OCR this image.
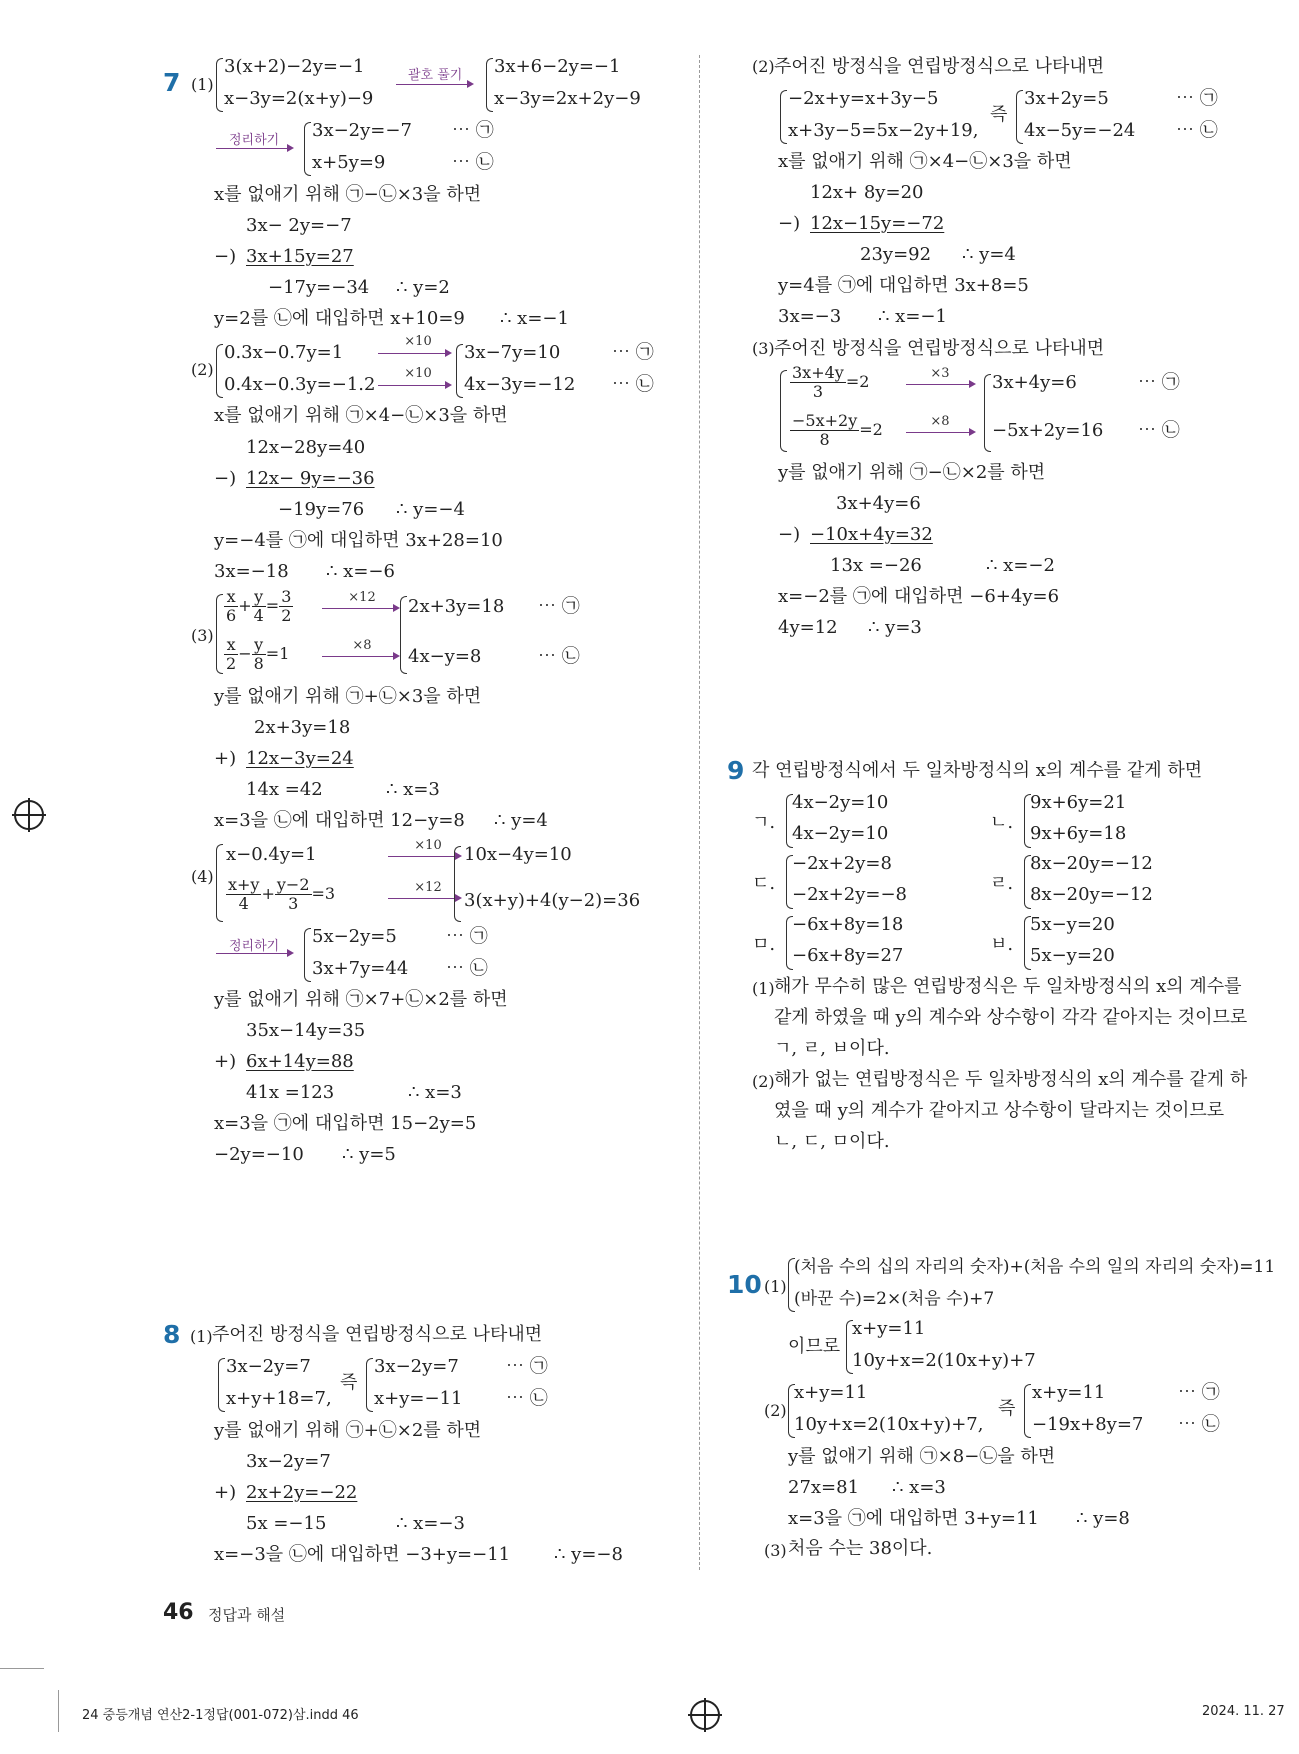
7 (1)
3(x+2)−2y=−1
x−3y=2(x+y)−9
괄호 풀기 3x+6−2y=−1
x−3y=2x+2y−9
정리하기 3x−2y=−7
x+5y=9
⋯ ㉠
⋯ ㉡
x를 없애기 위해 ㉠−㉡×3을 하면
3x− 2y=−7
−) 3x+15y=27
−17y=−34 ∴ y=2
y=2를 ㉡에 대입하면 x+10=9 ∴ x=−1
(2)
0.3x−0.7y=1
0.4x−0.3y=−1.2
×10
×10
3x−7y=10
4x−3y=−12
⋯ ㉠
⋯ ㉡
x를 없애기 위해 ㉠×4−㉡×3을 하면
12x−28y=40
−) 12x− 9y=−36
−19y=76 ∴ y=−4
y=−4를 ㉠에 대입하면 3x+28=10
3x=−18 ∴ x=−6
(3)
$\frac{x}{6} + \frac{y}{4} = \frac{3}{2}$
$\frac{x}{2} - \frac{y}{8} =1$
×12
×8
2x+3y=18
4x−y=8
⋯ ㉠
⋯ ㉡
y를 없애기 위해 ㉠+㉡×3을 하면
2x+3y=18
+) 12x−3y=24
14x =42	∴ x=3
x=3을 ㉡에 대입하면 12−y=8 ∴ y=4
(4)
x−0.4y=1
$\frac{x+y}{4} + \frac{y-2}{3} =3$
×10
×12
10x−4y=10
3(x+y)+4(y−2)=36
정리하기 5x−2y=5
3x+7y=44
⋯ ㉠
⋯ ㉡
y를 없애기 위해 ㉠×7+㉡×2를 하면
35x−14y=35
+) 6x+14y=88
41x =123	∴ x=3
x=3을 ㉠에 대입하면 15−2y=5
−2y=−10 ∴ y=5
8 (1) 주어진 방정식을 연립방정식으로 나타내면
3x−2y=7
x+y+18=7,
즉
3x−2y=7
x+y=−11
⋯ ㉠
⋯ ㉡
y를 없애기 위해 ㉠+㉡×2를 하면
3x−2y=7
+) 2x+2y=−22
5x =−15	∴ x=−3
x=−3을 ㉡에 대입하면 −3+y=−11 ∴ y=−8
(2) 주어진 방정식을 연립방정식으로 나타내면
−2x+y=x+3y−5
x+3y−5=5x−2y+19,
즉
3x+2y=5
4x−5y=−24
⋯ ㉠
⋯ ㉡
x를 없애기 위해 ㉠×4−㉡×3을 하면
12x+ 8y=20
−) 12x−15y=−72
23y=92 ∴ y=4
y=4를 ㉠에 대입하면 3x+8=5
3x=−3 ∴ x=−1
(3) 주어진 방정식을 연립방정식으로 나타내면
$\frac{3x+4y}{3} =2$
$\frac{-5x+2y}{8} =2$
×3
×8
3x+4y=6
−5x+2y=16
⋯ ㉠
⋯ ㉡
y를 없애기 위해 ㉠−㉡×2를 하면
3x+4y=6
−) −10x+4y=32
13x =−26	∴ x=−2
x=−2를 ㉠에 대입하면 −6+4y=6
4y=12 ∴ y=3
9 각 연립방정식에서 두 일차방정식의 x의 계수를 같게 하면
ㄱ.
4x−2y=10
4x−2y=10
ㄴ.
9x+6y=21
9x+6y=18
ㄷ.
−2x+2y=8
−2x+2y=−8
ㄹ.
8x−20y=−12
8x−20y=−12
ㅁ.
−6x+8y=18
−6x+8y=27
ㅂ.
5x−y=20
5x−y=20
(1) 해가 무수히 많은 연립방정식은 두 일차방정식의 x의 계수를
같게 하였을 때 y의 계수와 상수항이 각각 같아지는 것이므로
ㄱ, ㄹ, ㅂ이다.
(2) 해가 없는 연립방정식은 두 일차방정식의 x의 계수를 같게 하
였을 때 y의 계수가 같아지고 상수항이 달라지는 것이므로
ㄴ, ㄷ, ㅁ이다.
10 (1)
(처음 수의 십의 자리의 숫자)+(처음 수의 일의 자리의 숫자)=11
(바꾼 수)=2×(처음 수)+7
이므로
x+y=11
10y+x=2(10x+y)+7
(2)
x+y=11
10y+x=2(10x+y)+7,
즉
x+y=11
−19x+8y=7
⋯ ㉠
⋯ ㉡
y를 없애기 위해 ㉠×8−㉡을 하면
27x=81 ∴ x=3
x=3을 ㉠에 대입하면 3+y=11 ∴ y=8
(3) 처음 수는 38이다.
46 정답과 해설
24 중등개념 연산2-1정답(001-072)삼.indd 46	2024. 11. 27
